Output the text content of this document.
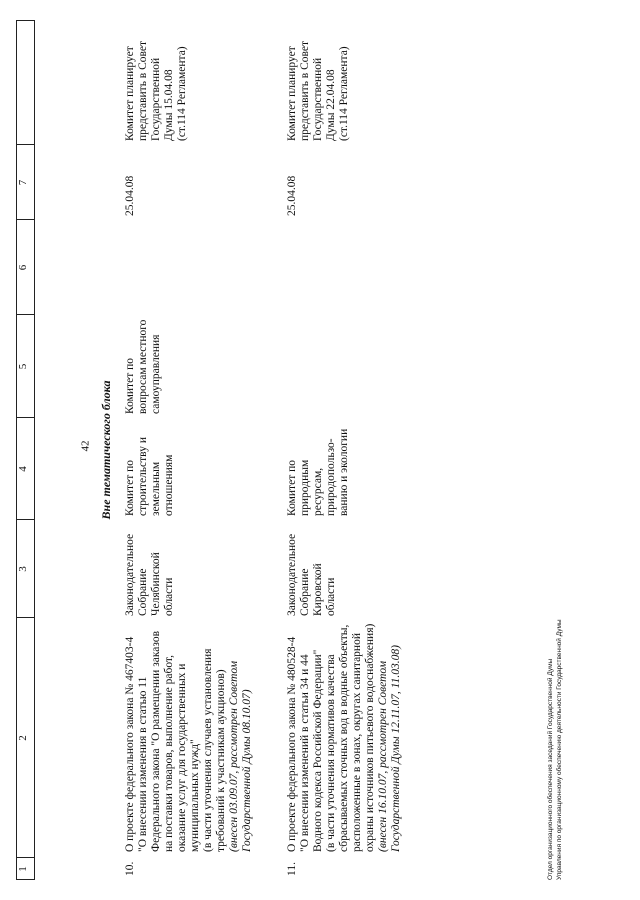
42
1
2
3
4
5
6
7
Вне тематического блока
10.
О проекте федерального закона № 467403-4 "О внесении изменения в статью 11 Федерального закона "О размещении заказов на поставки товаров, выполнение работ, оказание услуг для государственных и муниципальных нужд" (в части уточнения случаев установления требований к участникам аукционов) (внесен 03.09.07, рассмотрен Советом Государственной Думы 08.10.07)
Законодательное Собрание Челябинской области
Комитет по строительству и земельным отношениям
Комитет по вопросам местного самоуправления
25.04.08
Комитет планирует представить в Совет Государственной Думы 15.04.08 (ст.114 Регламента)
11.
О проекте федерального закона № 480528-4 "О внесении изменений в статьи 34 и 44 Водного кодекса Российской Федерации" (в части уточнения нормативов качества сбрасываемых сточных вод в водные объекты, расположенные в зонах, округах санитарной охраны источников питьевого водоснабжения) (внесен 16.10.07, рассмотрен Советом Государственной Думы 12.11.07, 11.03.08)
Законодательное Собрание Кировской области
Комитет по природным ресурсам, природопользо- ванию и экологии
25.04.08
Комитет планирует представить в Совет Государственной Думы 22.04.08 (ст.114 Регламента)
Отдел организационного обеспечения заседаний Государственной Думы Управления по организационному обеспечению деятельности Государственной Думы
